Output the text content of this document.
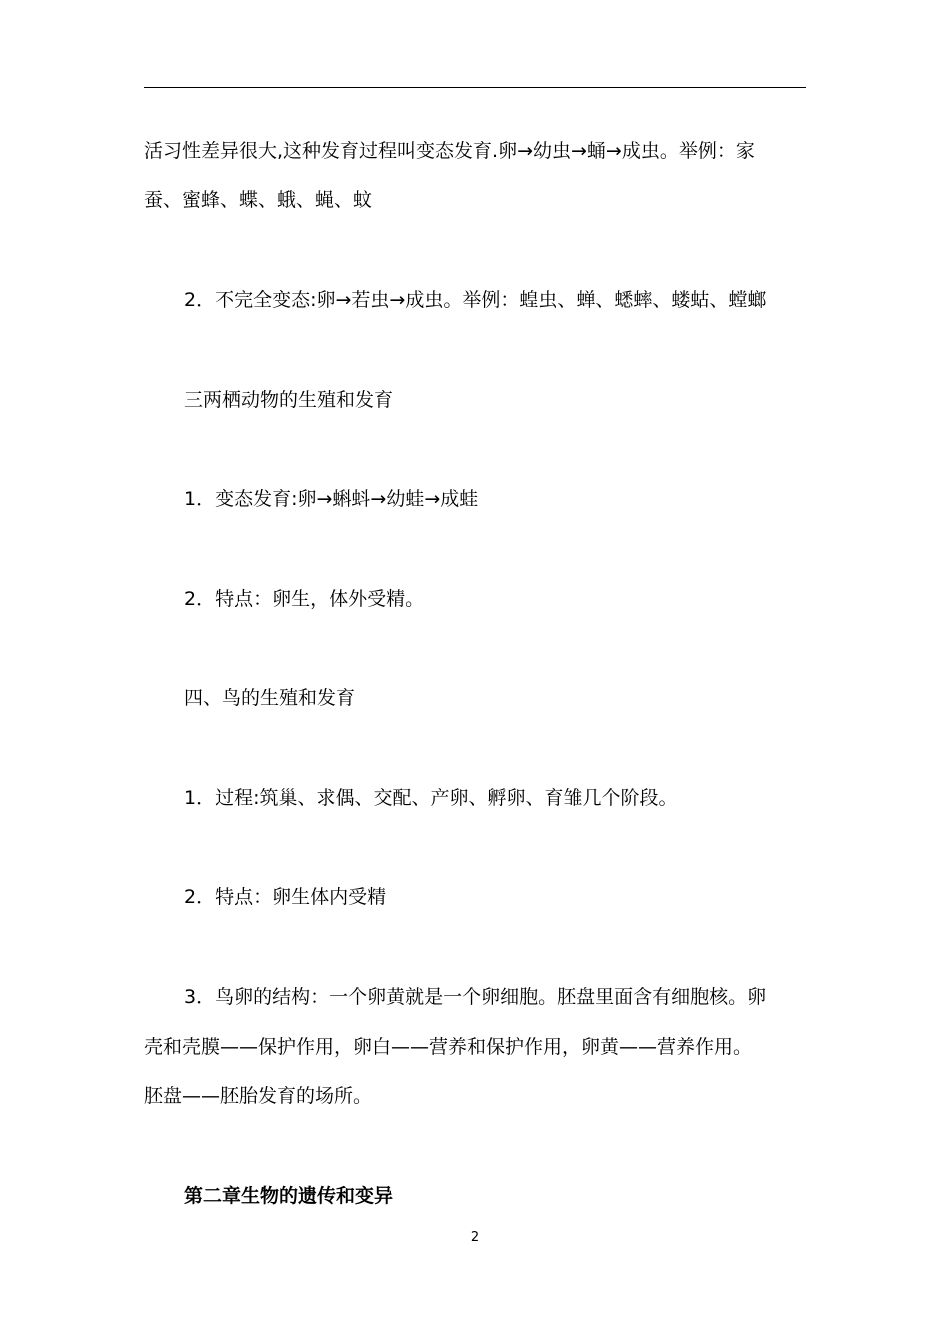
活习性差异很大,这种发育过程叫变态发育.卵→幼虫→蛹→成虫。举例：家
蚕、蜜蜂、蝶、蛾、蝇、蚊
2．不完全变态:卵→若虫→成虫。举例：蝗虫、蝉、蟋蟀、蝼蛄、螳螂
三两栖动物的生殖和发育
1．变态发育:卵→蝌蚪→幼蛙→成蛙
2．特点：卵生，体外受精。
四、鸟的生殖和发育
1．过程:筑巢、求偶、交配、产卵、孵卵、育雏几个阶段。
2．特点：卵生体内受精
3．鸟卵的结构：一个卵黄就是一个卵细胞。胚盘里面含有细胞核。卵
壳和壳膜——保护作用，卵白——营养和保护作用，卵黄——营养作用。
胚盘——胚胎发育的场所。
第二章生物的遗传和变异
2
